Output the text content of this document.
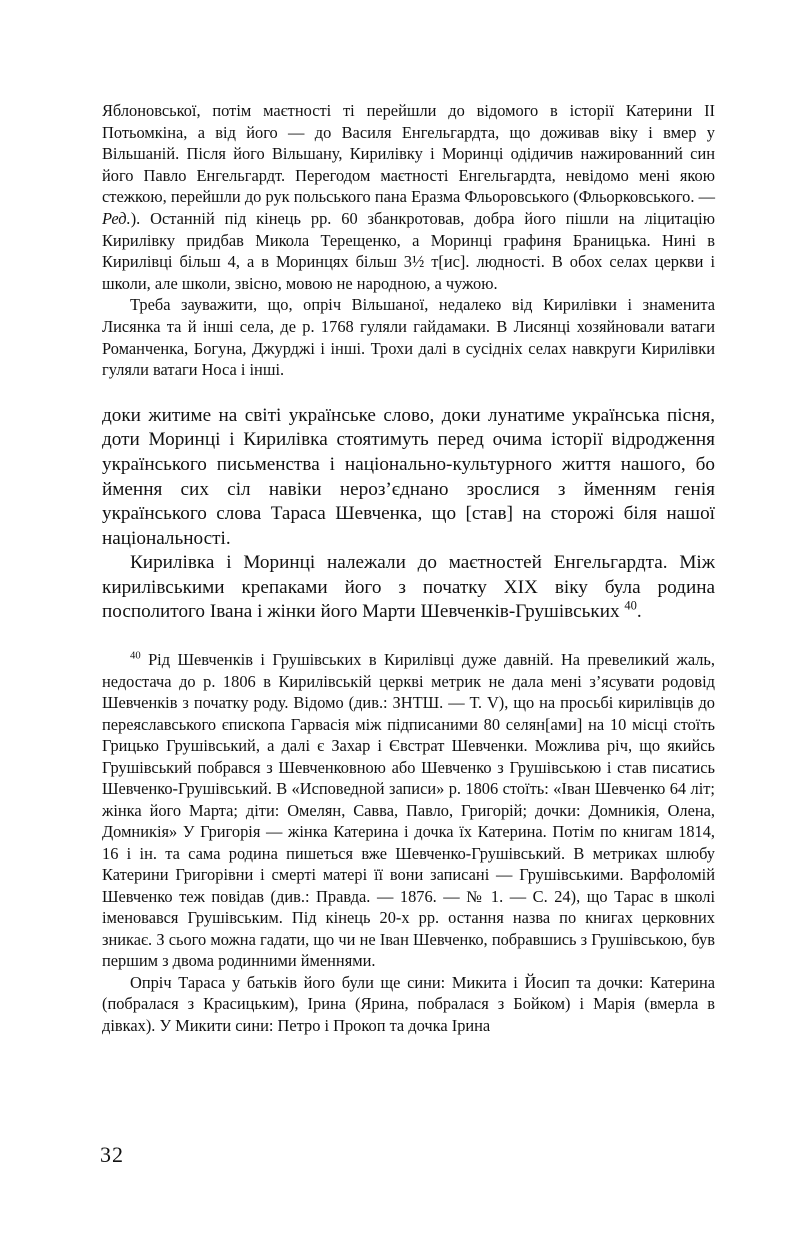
Яблоновської, потім маєтності ті перейшли до відомого в історії Катерини II Потьомкіна, а від його — до Василя Енгельгардта, що доживав віку і вмер у Вільшаній. Після його Вільшану, Кирилівку і Моринці одідичив нажированний син його Павло Енгельгардт. Перегодом маєтності Енгельгардта, невідомо мені якою стежкою, перейшли до рук польського пана Еразма Фльоровського (Фльорковського. — Ред.). Останній під кінець рр. 60 збанкротовав, добра його пішли на ліцитацію Кирилівку придбав Микола Терещенко, а Моринці графиня Браницька. Нині в Кирилівці більш 4, а в Моринцях більш 3½ т[ис]. людності. В обох селах церкви і школи, але школи, звісно, мовою не народною, а чужою.

Треба зауважити, що, опріч Вільшаної, недалеко від Кирилівки і знаменита Лисянка та й інші села, де р. 1768 гуляли гайдамаки. В Лисянці хозяйновали ватаги Романченка, Богуна, Джурджі і інші. Трохи далі в сусідніх селах навкруги Кирилівки гуляли ватаги Носа і інші.

доки житиме на світі українське слово, доки лунатиме українська пісня, доти Моринці і Кирилівка стоятимуть перед очима історії відродження українського письменства і національно-культурного життя нашого, бо ймення сих сіл навіки нероз’єднано зрослися з йменням генія українського слова Тараса Шевченка, що [став] на сторожі біля нашої національності.

Кирилівка і Моринці належали до маєтностей Енгельгардта. Між кирилівськими крепаками його з початку XIX віку була родина посполитого Івана і жінки його Марти Шевченків-Грушівських $^{40}$.

$^{40}$ Рід Шевченків і Грушівських в Кирилівці дуже давній. На превеликий жаль, недостача до р. 1806 в Кирилівській церкві метрик не дала мені з’ясувати родовід Шевченків з початку роду. Відомо (див.: ЗНТШ. — Т. V), що на просьбі кирилівців до переяславського єпископа Гарвасія між підписаними 80 селян[ами] на 10 місці стоїть Грицько Грушівський, а далі є Захар і Євстрат Шевченки. Можлива річ, що якийсь Грушівський побрався з Шевченковною або Шевченко з Грушівською і став писатись Шевченко-Грушівський. В «Исповедной записи» р. 1806 стоїть: «Іван Шевченко 64 літ; жінка його Марта; діти: Омелян, Савва, Павло, Григорій; дочки: Домникія, Олена, Домникія» У Григорія — жінка Катерина і дочка їх Катерина. Потім по книгам 1814, 16 і ін. та сама родина пишеться вже Шевченко-Грушівський. В метриках шлюбу Катерини Григорівни і смерті матері її вони записані — Грушівськими. Варфоломій Шевченко теж повідав (див.: Правда. — 1876. — № 1. — С. 24), що Тарас в школі іменовався Грушівським. Під кінець 20-х рр. остання назва по книгах церковних зникає. З сього можна гадати, що чи не Іван Шевченко, побравшись з Грушівською, був першим з двома родинними йменнями.

Опріч Тараса у батьків його були ще сини: Микита і Йосип та дочки: Катерина (побралася з Красицьким), Ірина (Ярина, побралася з Бойком) і Марія (вмерла в дівках). У Микити сини: Петро і Прокоп та дочка Ірина

32
